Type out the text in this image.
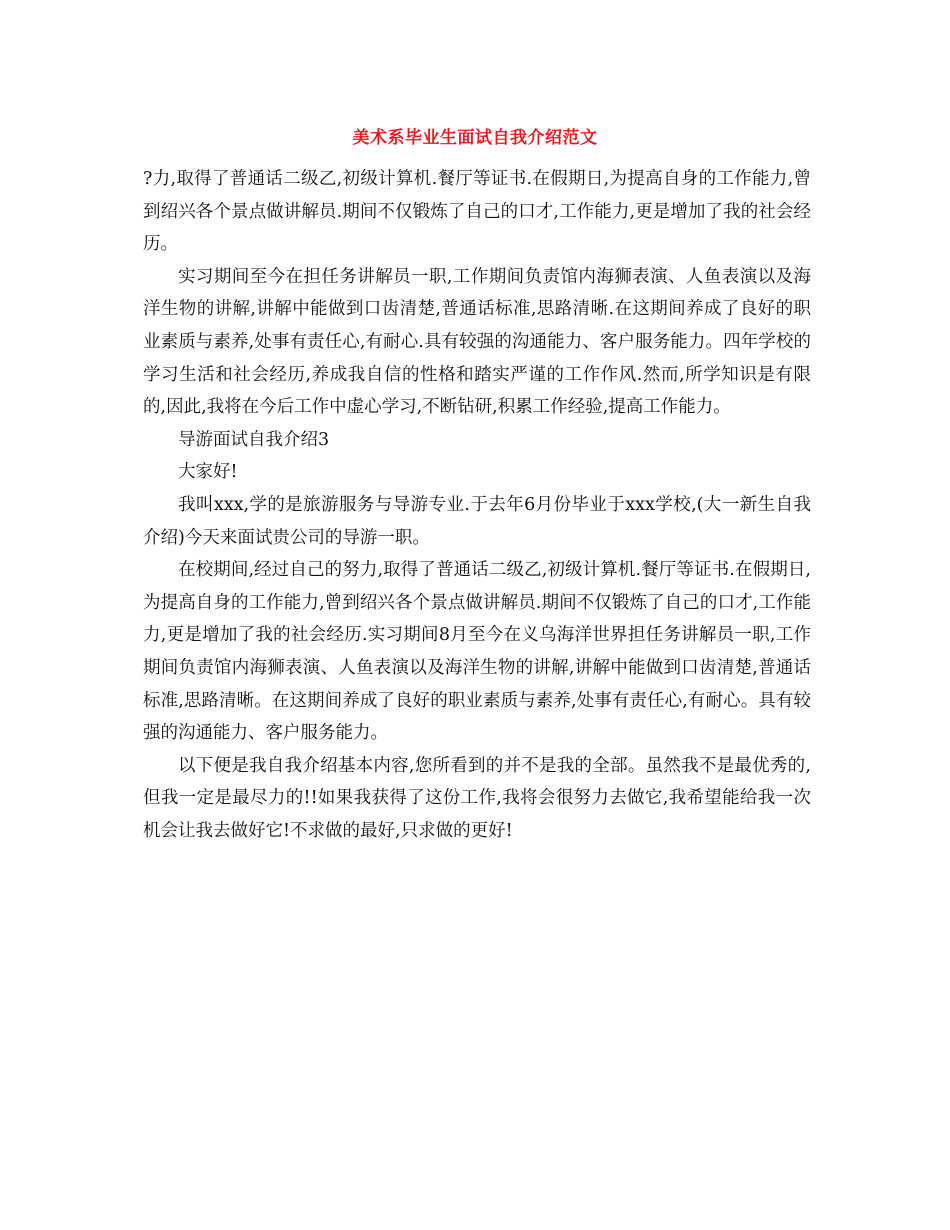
美术系毕业生面试自我介绍范文

?力,取得了普通话二级乙,初级计算机.餐厅等证书.在假期日,为提高自身的工作能力,曾到绍兴各个景点做讲解员.期间不仅锻炼了自己的口才,工作能力,更是增加了我的社会经历。

实习期间至今在担任务讲解员一职,工作期间负责馆内海狮表演、人鱼表演以及海洋生物的讲解,讲解中能做到口齿清楚,普通话标准,思路清晰.在这期间养成了良好的职业素质与素养,处事有责任心,有耐心.具有较强的沟通能力、客户服务能力。四年学校的学习生活和社会经历,养成我自信的性格和踏实严谨的工作作风.然而,所学知识是有限的,因此,我将在今后工作中虚心学习,不断钻研,积累工作经验,提高工作能力。

导游面试自我介绍3

大家好!

我叫xxx,学的是旅游服务与导游专业.于去年6月份毕业于xxx学校,(大一新生自我介绍)今天来面试贵公司的导游一职。

在校期间,经过自己的努力,取得了普通话二级乙,初级计算机.餐厅等证书.在假期日,为提高自身的工作能力,曾到绍兴各个景点做讲解员.期间不仅锻炼了自己的口才,工作能力,更是增加了我的社会经历.实习期间8月至今在义乌海洋世界担任务讲解员一职,工作期间负责馆内海狮表演、人鱼表演以及海洋生物的讲解,讲解中能做到口齿清楚,普通话标准,思路清晰。在这期间养成了良好的职业素质与素养,处事有责任心,有耐心。具有较强的沟通能力、客户服务能力。

以下便是我自我介绍基本内容,您所看到的并不是我的全部。虽然我不是最优秀的,但我一定是最尽力的!!如果我获得了这份工作,我将会很努力去做它,我希望能给我一次机会让我去做好它!不求做的最好,只求做的更好!
